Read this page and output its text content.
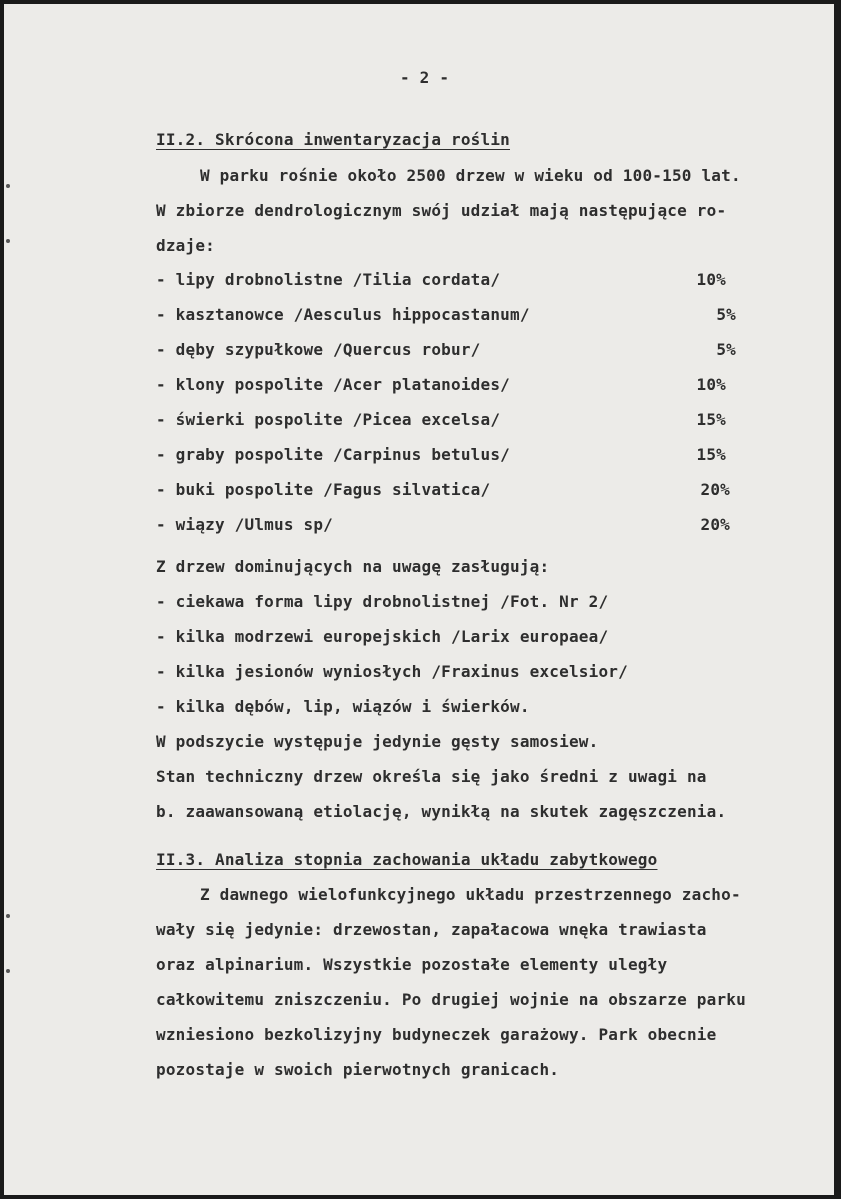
- 2 -
II.2. Skrócona inwentaryzacja roślin
W parku rośnie około 2500 drzew w wieku od 100-150 lat.
W zbiorze dendrologicznym swój udział mają następujące ro-
dzaje:
- lipy drobnolistne /Tilia cordata/	10%
- kasztanowce /Aesculus hippocastanum/	5%
- dęby szypułkowe /Quercus robur/	5%
- klony pospolite /Acer platanoides/	10%
- świerki pospolite /Picea excelsa/	15%
- graby pospolite /Carpinus betulus/	15%
- buki pospolite /Fagus silvatica/	20%
- wiązy /Ulmus sp/	20%
Z drzew dominujących na uwagę zasługują:
- ciekawa forma lipy drobnolistnej /Fot. Nr 2/
- kilka modrzewi europejskich /Larix europaea/
- kilka jesionów wyniosłych /Fraxinus excelsior/
- kilka dębów, lip, wiązów i świerków.
W podszycie występuje jedynie gęsty samosiew.
Stan techniczny drzew określa się jako średni z uwagi na
b. zaawansowaną etiolację, wynikłą na skutek zagęszczenia.
II.3. Analiza stopnia zachowania układu zabytkowego
Z dawnego wielofunkcyjnego układu przestrzennego zacho-
wały się jedynie: drzewostan, zapałacowa wnęka trawiasta
oraz alpinarium. Wszystkie pozostałe elementy uległy
całkowitemu zniszczeniu. Po drugiej wojnie na obszarze parku
wzniesiono bezkolizyjny budyneczek garażowy. Park obecnie
pozostaje w swoich pierwotnych granicach.
